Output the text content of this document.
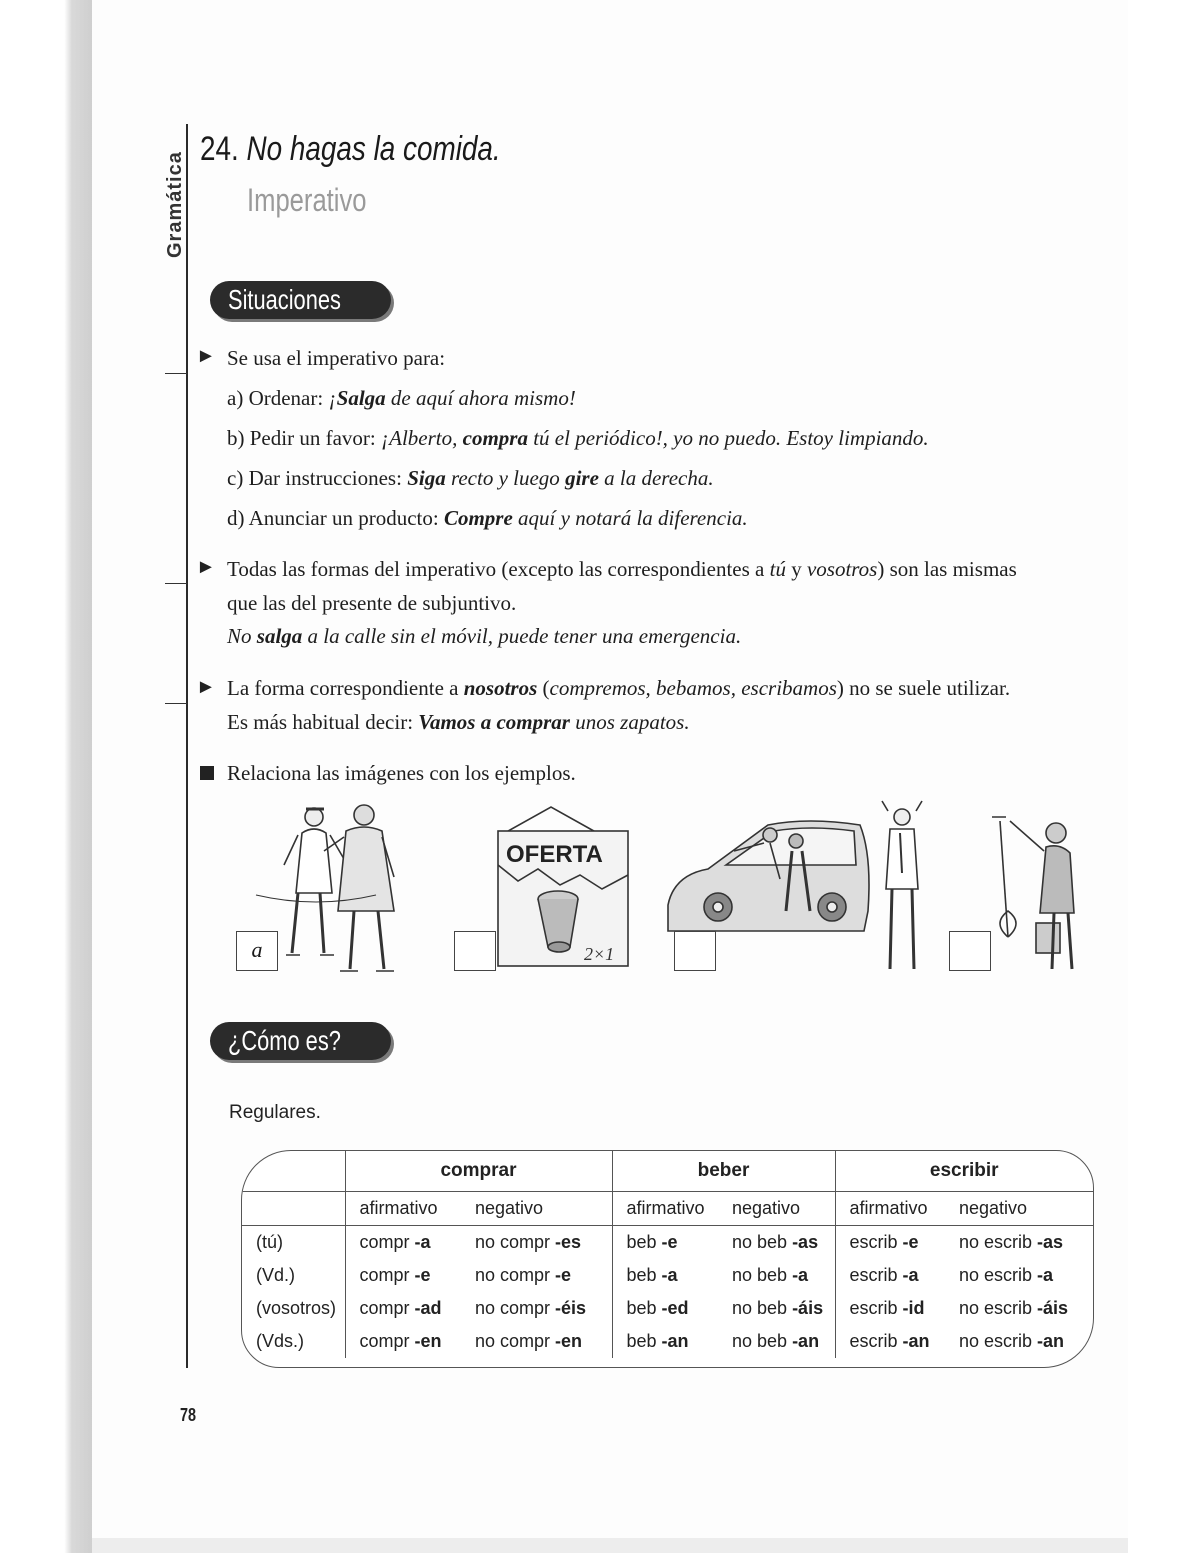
Gramática
24. No hagas la comida.
Imperativo
Situaciones
► Se usa el imperativo para:
a) Ordenar: ¡Salga de aquí ahora mismo!
b) Pedir un favor: ¡Alberto, compra tú el periódico!, yo no puedo. Estoy limpiando.
c) Dar instrucciones: Siga recto y luego gire a la derecha.
d) Anunciar un producto: Compre aquí y notará la diferencia.
► Todas las formas del imperativo (excepto las correspondientes a tú y vosotros) son las mismas
que las del presente de subjuntivo.
No salga a la calle sin el móvil, puede tener una emergencia.
► La forma correspondiente a nosotros (compremos, bebamos, escribamos) no se suele utilizar.
Es más habitual decir: Vamos a comprar unos zapatos.
Relaciona las imágenes con los ejemplos.
OFERTA
2×1
a
¿Cómo es?
Regulares.
	comprar		beber		escribir	
	afirmativo	negativo	afirmativo	negativo	afirmativo	negativo
(tú)	compr -a	no compr -es	beb -e	no beb -as	escrib -e	no escrib -as
(Vd.)	compr -e	no compr -e	beb -a	no beb -a	escrib -a	no escrib -a
(vosotros)	compr -ad	no compr -éis	beb -ed	no beb -áis	escrib -id	no escrib -áis
(Vds.)	compr -en	no compr -en	beb -an	no beb -an	escrib -an	no escrib -an
78
